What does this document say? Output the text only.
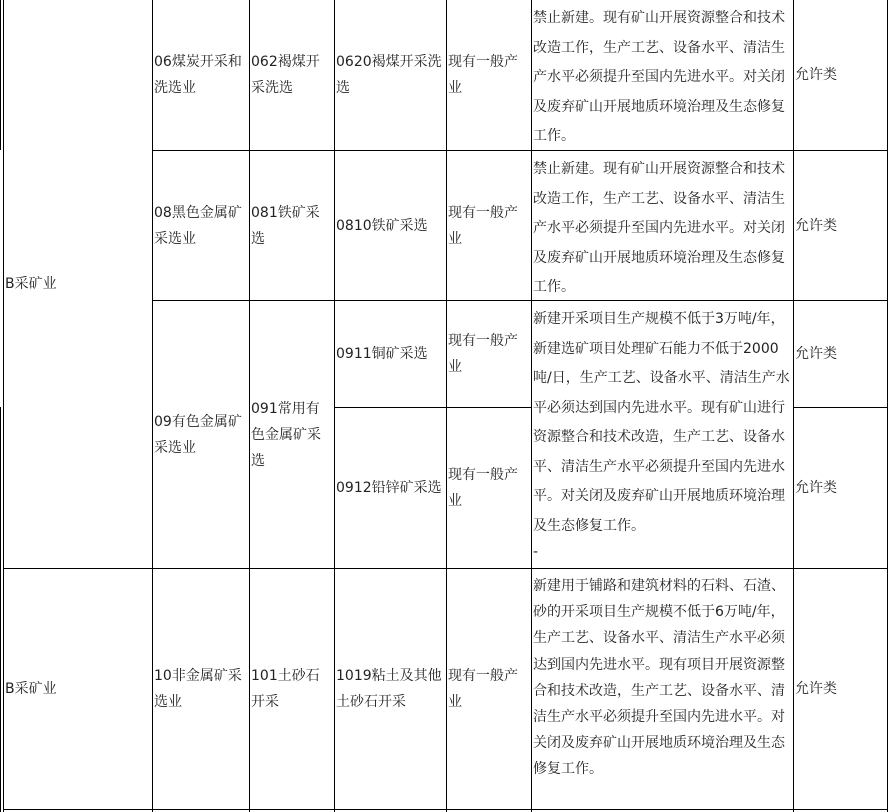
B采矿业
B采矿业
06煤炭开采和洗选业
062褐煤开采洗选
0620褐煤开采洗选
现有一般产业
禁止新建。现有矿山开展资源整合和技术改造工作，生产工艺、设备水平、清洁生产水平必须提升至国内先进水平。对关闭及废弃矿山开展地质环境治理及生态修复工作。
允许类
08黑色金属矿采选业
081铁矿采选
0810铁矿采选
现有一般产业
禁止新建。现有矿山开展资源整合和技术改造工作，生产工艺、设备水平、清洁生产水平必须提升至国内先进水平。对关闭及废弃矿山开展地质环境治理及生态修复工作。
允许类
09有色金属矿采选业
091常用有色金属矿采选
0911铜矿采选
现有一般产业
允许类
新建开采项目生产规模不低于3万吨/年，新建选矿项目处理矿石能力不低于2000吨/日，生产工艺、设备水平、清洁生产水平必须达到国内先进水平。现有矿山进行资源整合和技术改造，生产工艺、设备水平、清洁生产水平必须提升至国内先进水平。对关闭及废弃矿山开展地质环境治理及生态修复工作。
-
0912铅锌矿采选
现有一般产业
允许类
10非金属矿采选业
101土砂石开采
1019粘土及其他土砂石开采
现有一般产业
新建用于铺路和建筑材料的石料、石渣、砂的开采项目生产规模不低于6万吨/年，生产工艺、设备水平、清洁生产水平必须达到国内先进水平。现有项目开展资源整合和技术改造，生产工艺、设备水平、清洁生产水平必须提升至国内先进水平。对关闭及废弃矿山开展地质环境治理及生态修复工作。
允许类
